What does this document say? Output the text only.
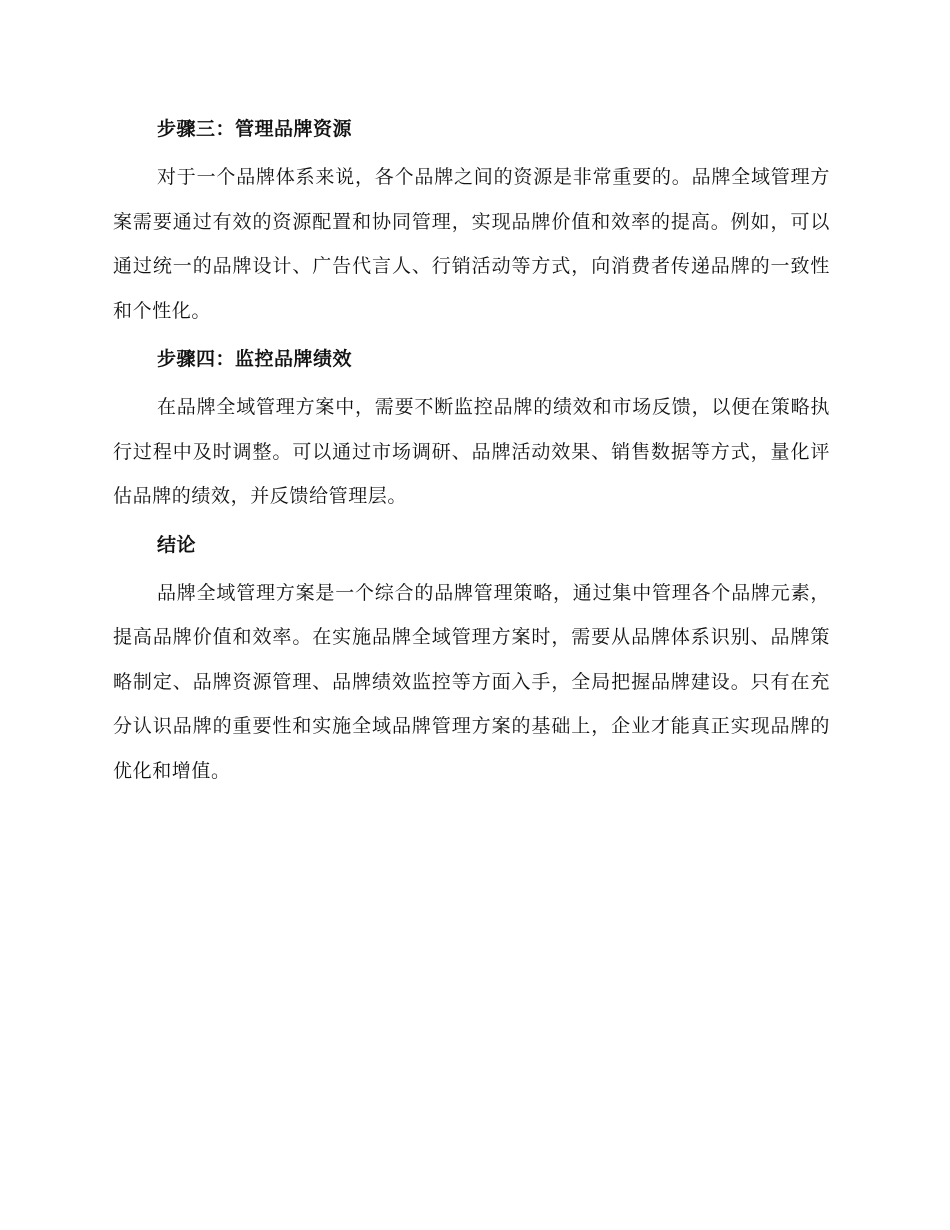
步骤三：管理品牌资源

对于一个品牌体系来说，各个品牌之间的资源是非常重要的。品牌全域管理方案需要通过有效的资源配置和协同管理，实现品牌价值和效率的提高。例如，可以通过统一的品牌设计、广告代言人、行销活动等方式，向消费者传递品牌的一致性和个性化。

步骤四：监控品牌绩效

在品牌全域管理方案中，需要不断监控品牌的绩效和市场反馈，以便在策略执行过程中及时调整。可以通过市场调研、品牌活动效果、销售数据等方式，量化评估品牌的绩效，并反馈给管理层。

结论

品牌全域管理方案是一个综合的品牌管理策略，通过集中管理各个品牌元素，提高品牌价值和效率。在实施品牌全域管理方案时，需要从品牌体系识别、品牌策略制定、品牌资源管理、品牌绩效监控等方面入手，全局把握品牌建设。只有在充分认识品牌的重要性和实施全域品牌管理方案的基础上，企业才能真正实现品牌的优化和增值。
